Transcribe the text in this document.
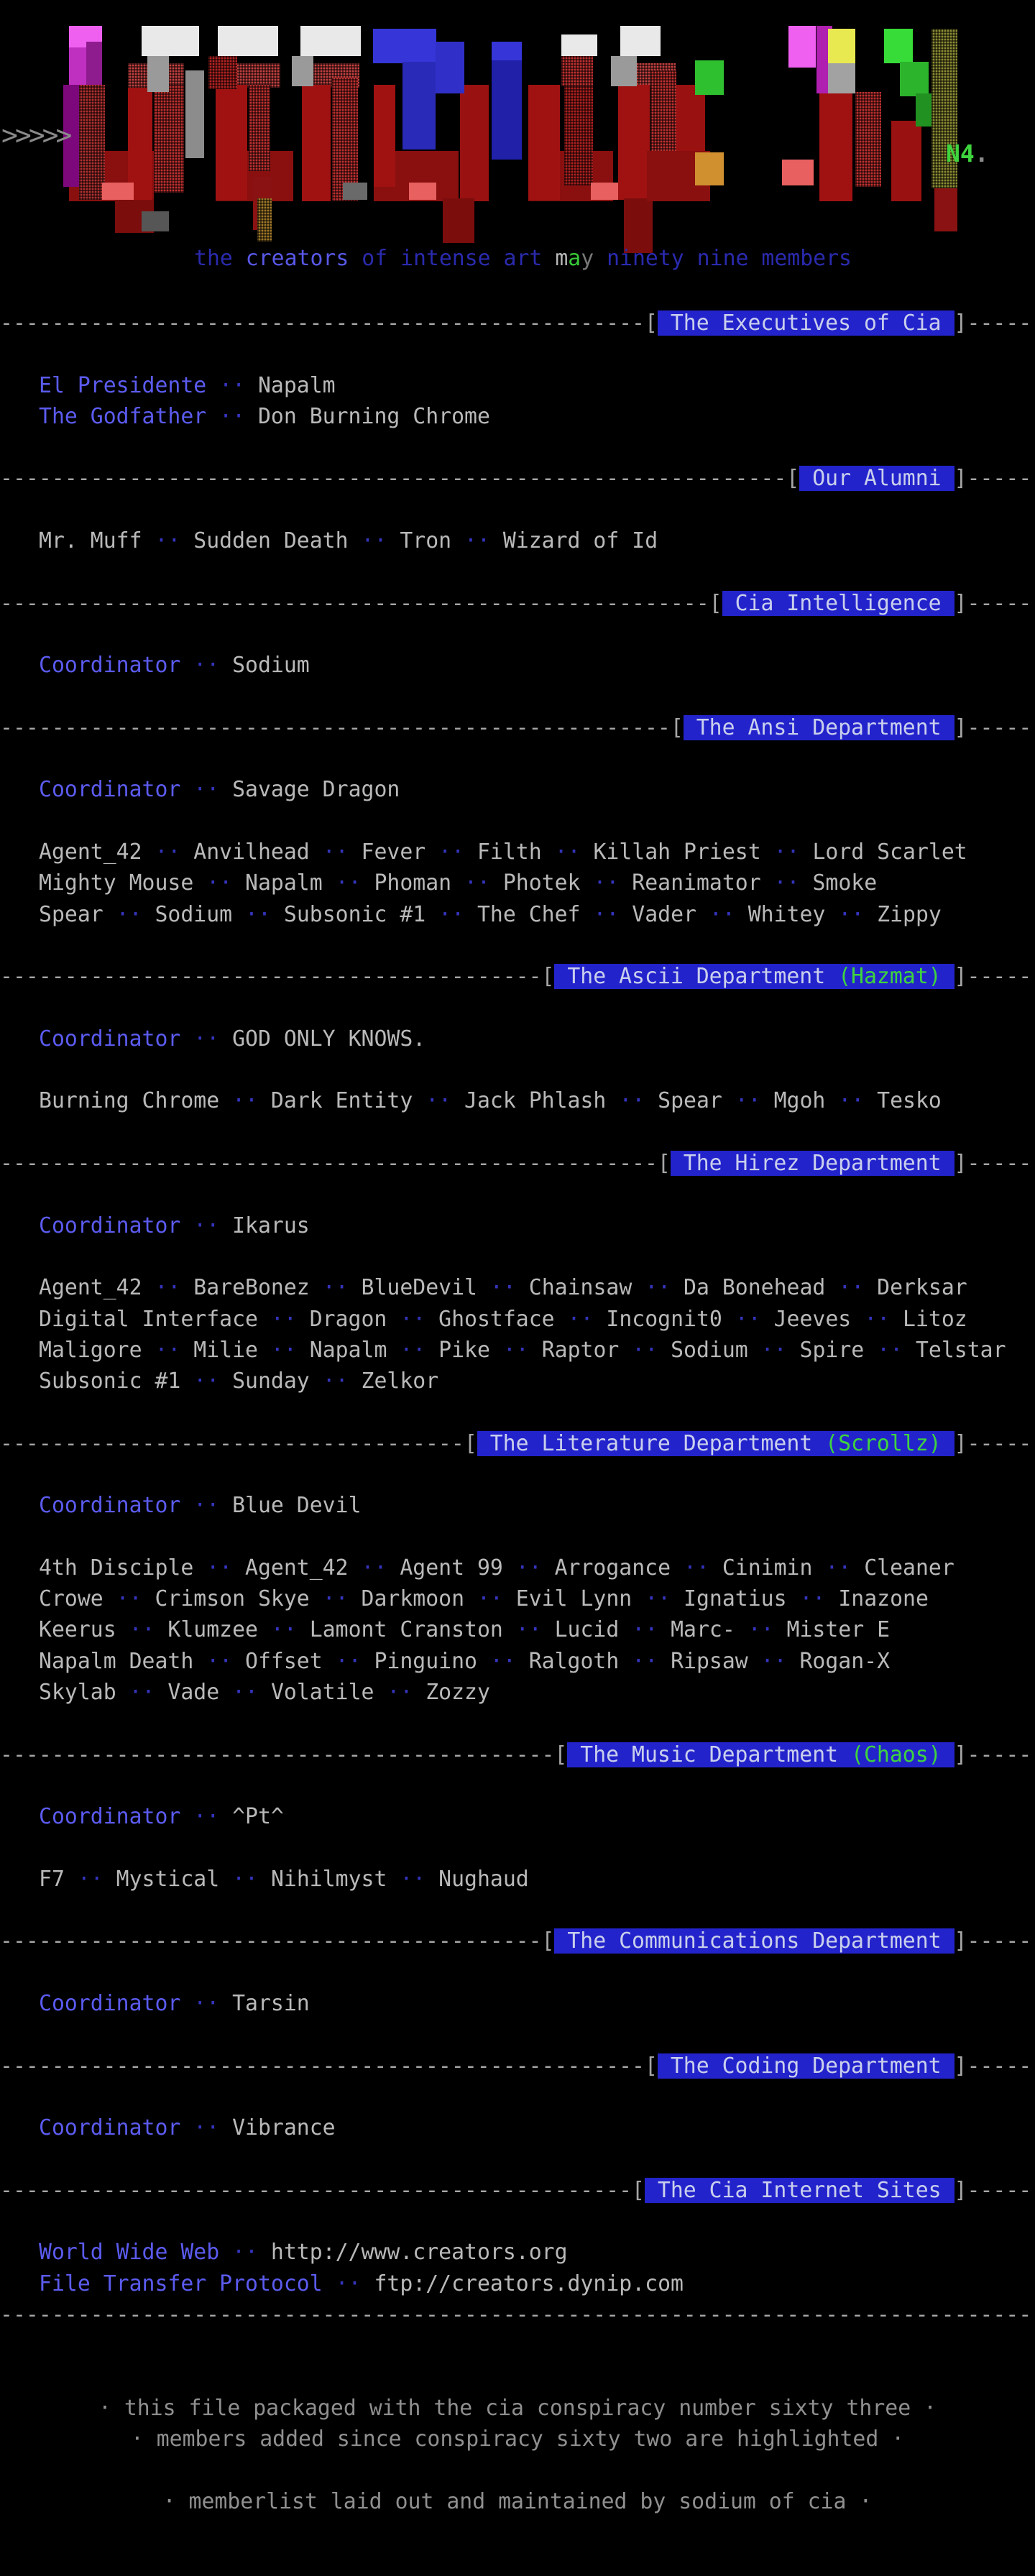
>>>>>
N4.
the creators of intense art may ninety nine members
--------------------------------------------------[ The Executives of Cia ]-----
El Presidente ·· Napalm
The Godfather ·· Don Burning Chrome
-------------------------------------------------------------[ Our Alumni ]-----
Mr. Muff ·· Sudden Death ·· Tron ·· Wizard of Id
-------------------------------------------------------[ Cia Intelligence ]-----
Coordinator ·· Sodium
----------------------------------------------------[ The Ansi Department ]-----
Coordinator ·· Savage Dragon
Agent_42 ·· Anvilhead ·· Fever ·· Filth ·· Killah Priest ·· Lord Scarlet
Mighty Mouse ·· Napalm ·· Phoman ·· Photek ·· Reanimator ·· Smoke
Spear ·· Sodium ·· Subsonic #1 ·· The Chef ·· Vader ·· Whitey ·· Zippy
------------------------------------------[ The Ascii Department (Hazmat) ]-----
Coordinator ·· GOD ONLY KNOWS.
Burning Chrome ·· Dark Entity ·· Jack Phlash ·· Spear ·· Mgoh ·· Tesko
---------------------------------------------------[ The Hirez Department ]-----
Coordinator ·· Ikarus
Agent_42 ·· BareBonez ·· BlueDevil ·· Chainsaw ·· Da Bonehead ·· Derksar
Digital Interface ·· Dragon ·· Ghostface ·· Incognit0 ·· Jeeves ·· Litoz
Maligore ·· Milie ·· Napalm ·· Pike ·· Raptor ·· Sodium ·· Spire ·· Telstar
Subsonic #1 ·· Sunday ·· Zelkor
------------------------------------[ The Literature Department (Scrollz) ]-----
Coordinator ·· Blue Devil
4th Disciple ·· Agent_42 ·· Agent 99 ·· Arrogance ·· Cinimin ·· Cleaner
Crowe ·· Crimson Skye ·· Darkmoon ·· Evil Lynn ·· Ignatius ·· Inazone
Keerus ·· Klumzee ·· Lamont Cranston ·· Lucid ·· Marc- ·· Mister E
Napalm Death ·· Offset ·· Pinguino ·· Ralgoth ·· Ripsaw ·· Rogan-X
Skylab ·· Vade ·· Volatile ·· Zozzy
-------------------------------------------[ The Music Department (Chaos) ]-----
Coordinator ·· ^Pt^
F7 ·· Mystical ·· Nihilmyst ·· Nughaud
------------------------------------------[ The Communications Department ]-----
Coordinator ·· Tarsin
--------------------------------------------------[ The Coding Department ]-----
Coordinator ·· Vibrance
-------------------------------------------------[ The Cia Internet Sites ]-----
World Wide Web ·· http://www.creators.org
File Transfer Protocol ·· ftp://creators.dynip.com
--------------------------------------------------------------------------------
· this file packaged with the cia conspiracy number sixty three ·
· members added since conspiracy sixty two are highlighted ·
· memberlist laid out and maintained by sodium of cia ·
